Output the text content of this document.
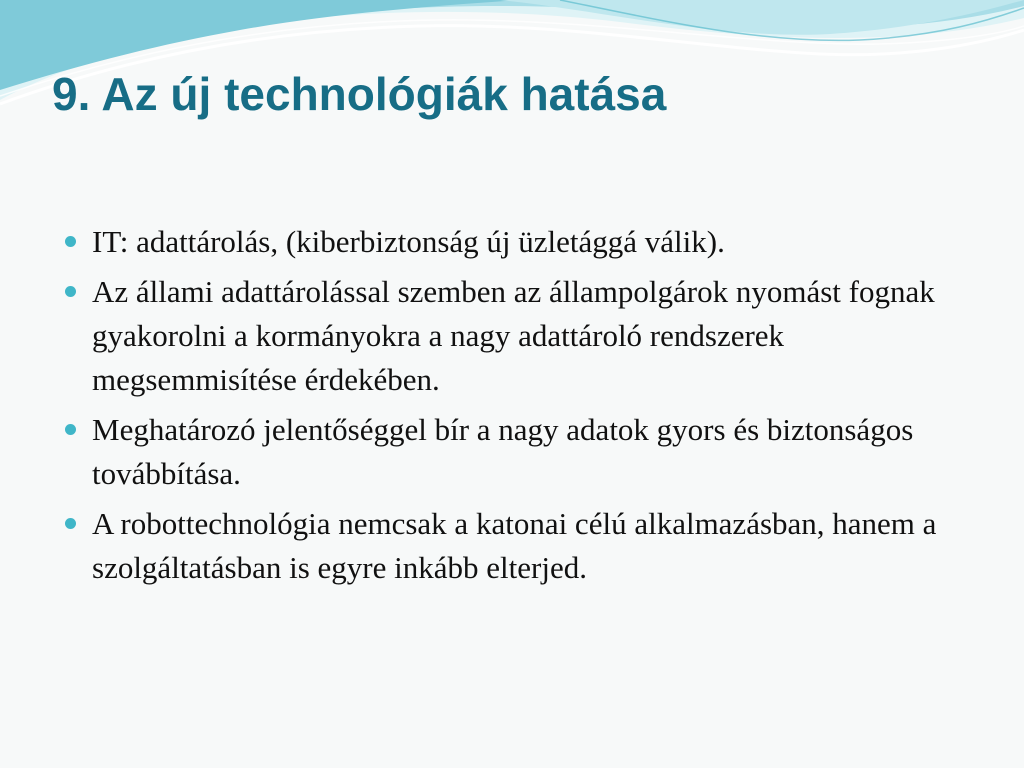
9. Az új technológiák hatása
IT: adattárolás, (kiberbiztonság új üzletággá válik).
Az állami adattárolással szemben az állampolgárok nyomást fognak gyakorolni a kormányokra a nagy adattároló rendszerek megsemmisítése érdekében.
Meghatározó jelentőséggel bír a nagy adatok gyors és biztonságos továbbítása.
A robottechnológia nemcsak a katonai célú alkalmazásban, hanem a szolgáltatásban is egyre inkább elterjed.
